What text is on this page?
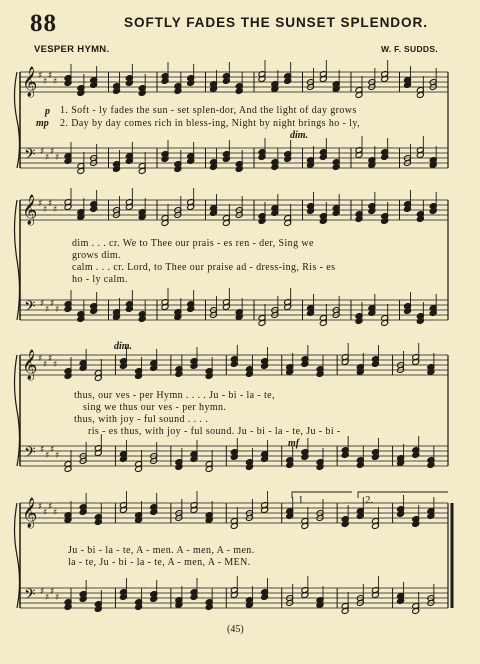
88	SOFTLY FADES THE SUNSET SPLENDOR.
VESPER HYMN.	W. F. SUDDS.
𝄞 ♯
♯
♯
♯
𝄢 ♯
♯
♯
♯
𝄞 ♯
♯
♯
♯
𝄢 ♯
♯
♯
♯
𝄞 ♯
♯
♯
♯
𝄢 ♯
♯
♯
♯
𝄞 ♯
♯
♯
♯
𝄢 ♯
♯
♯
♯
p
mp
1. Soft - ly fades the sun - set splen-dor, And the light of day grows
2. Day by day comes rich in bless-ing, Night by night brings ho - ly,
dim.
dim . . . cr. We to Thee our prais - es ren - der, Sing we
grows dim.
calm . . . cr. Lord, to Thee our praise ad - dress-ing, Ris - es
ho - ly calm.
dim.
thus, our ves - per Hymn . . . . Ju - bi - la - te,
sing we thus our ves - per hymn.
thus, with joy - ful sound . . . .
ris - es thus, with joy - ful sound. Ju - bi - la - te, Ju - bi -
mf
1	2.
Ju - bi - la - te, A - men. A - men, A - men.
la - te, Ju - bi - la - te, A - men, A - MEN.
(45)
